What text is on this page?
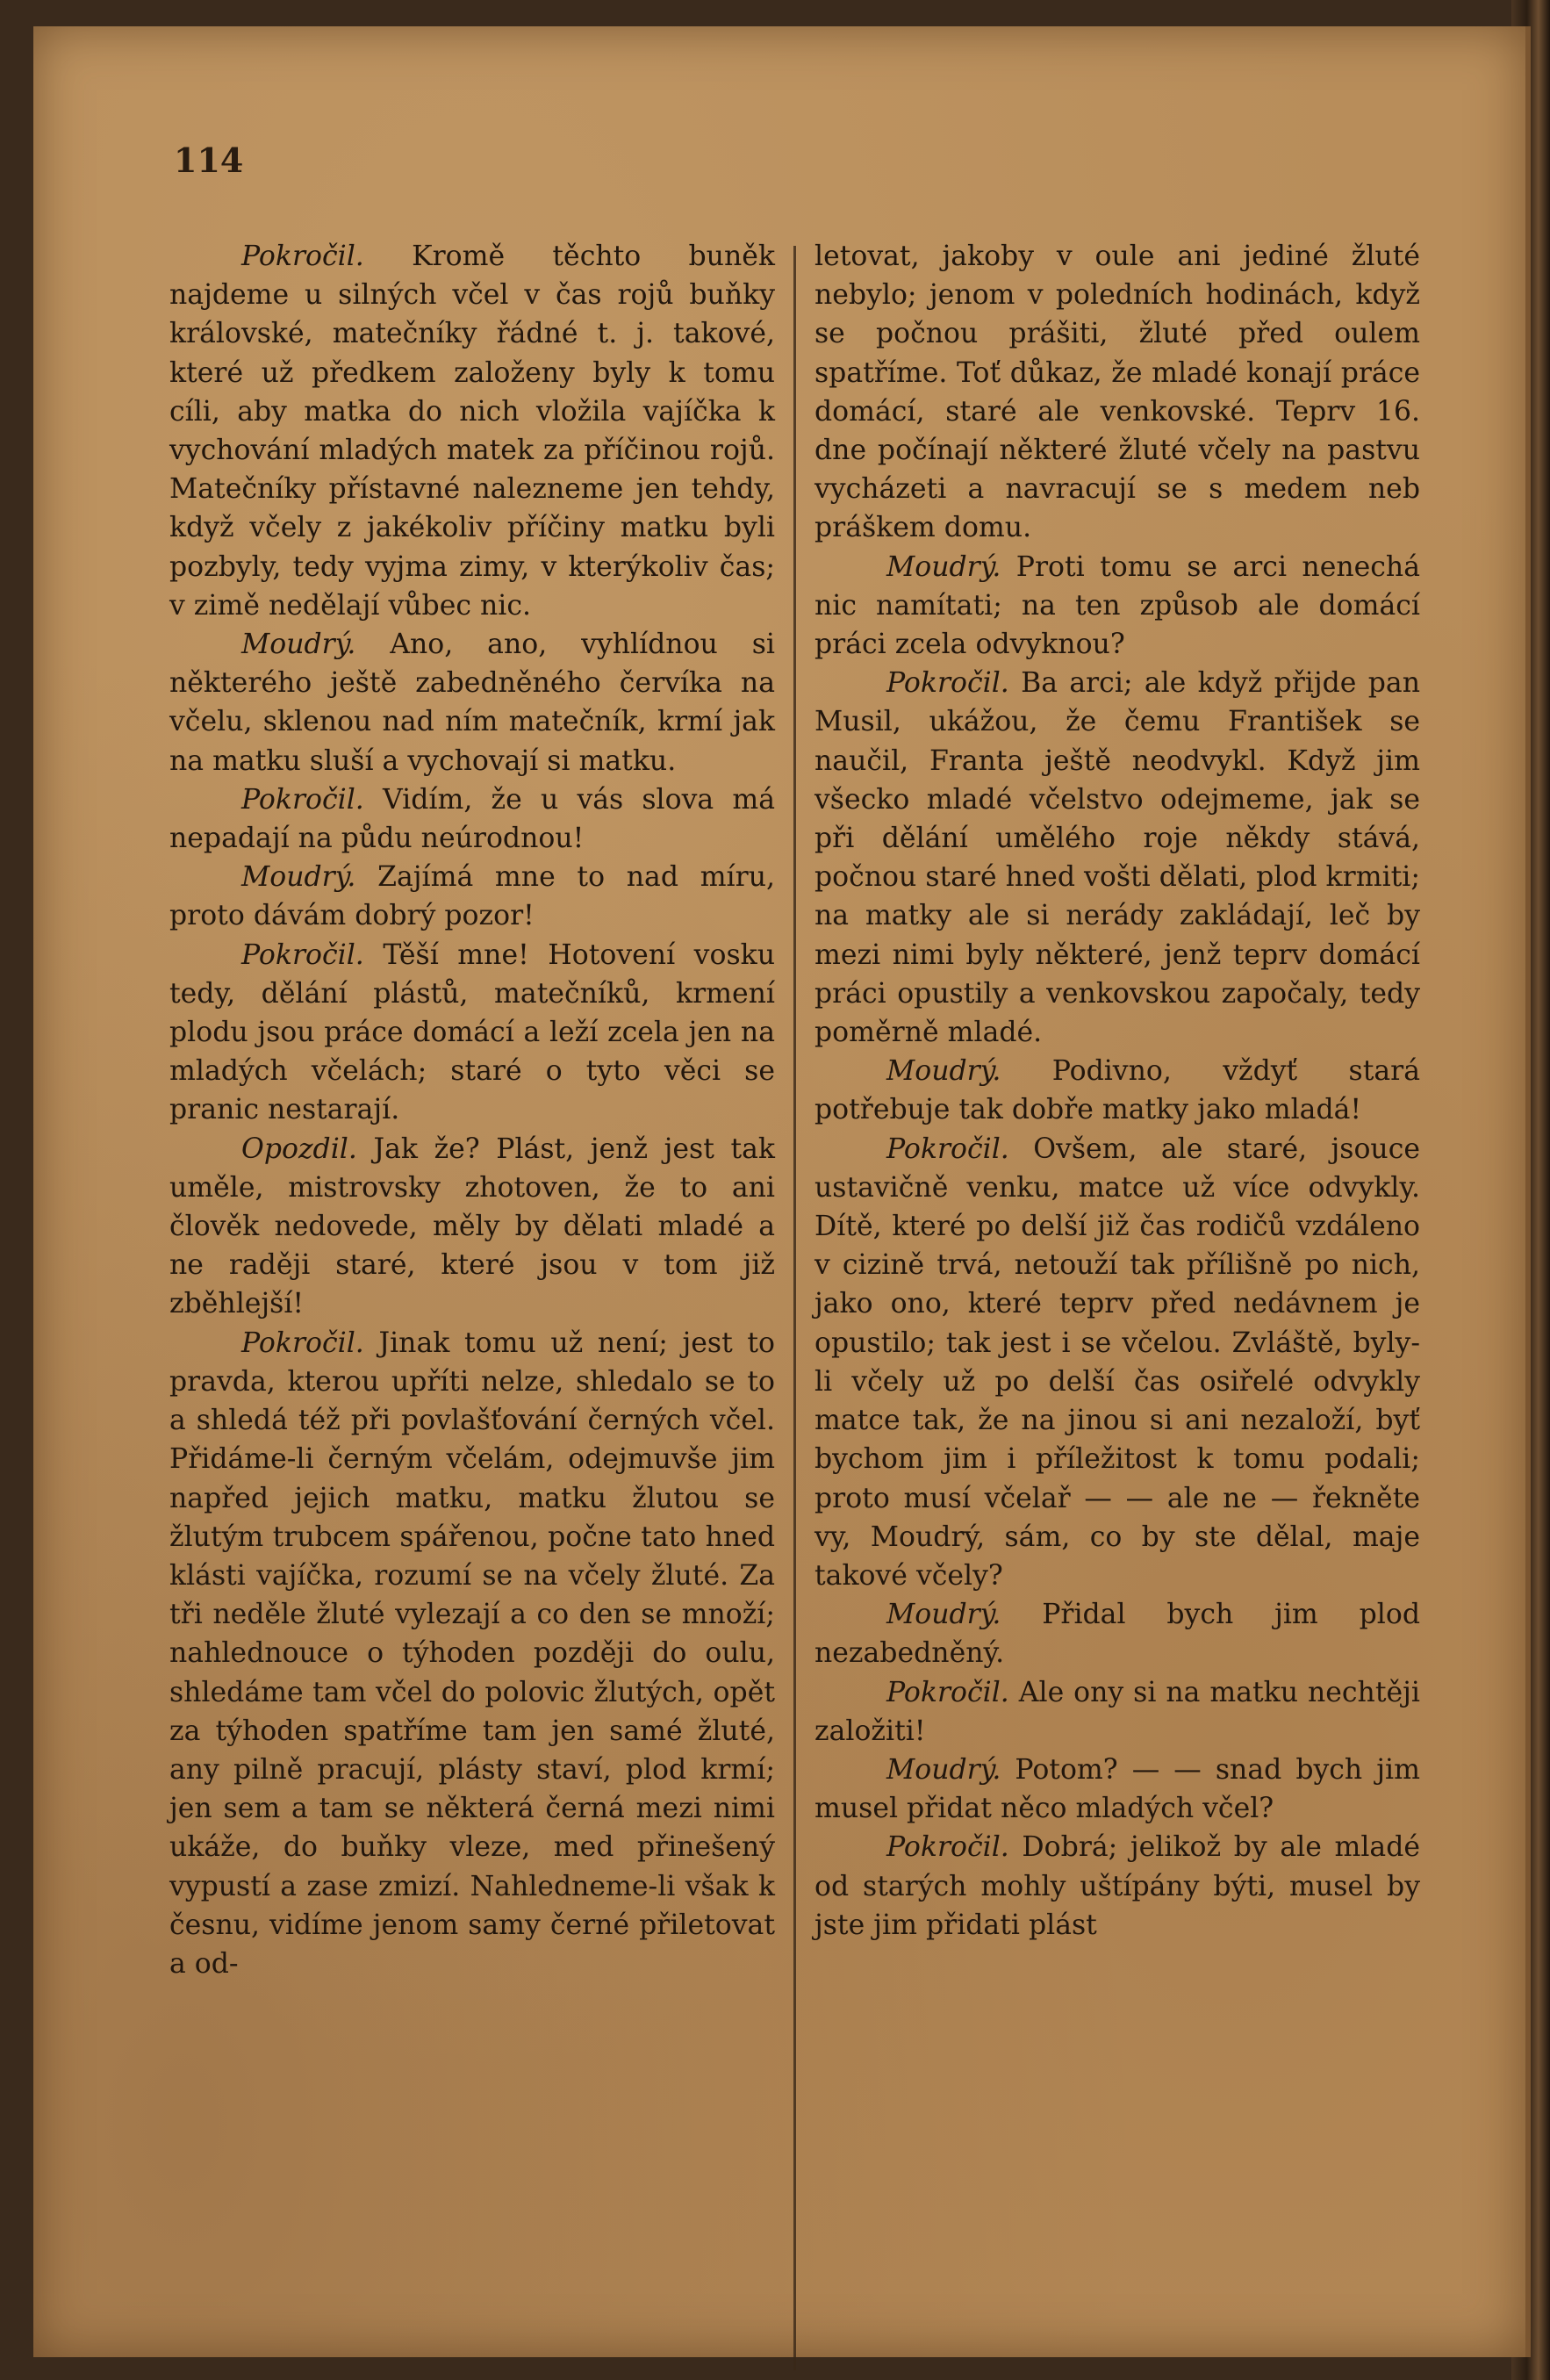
114

Pokročil. Kromě těchto buněk najdeme u silných včel v čas rojů buňky královské, matečníky řádné t. j. takové, které už předkem založeny byly k tomu cíli, aby matka do nich vložila vajíčka k vychování mladých matek za příčinou rojů. Matečníky přístavné nalezneme jen tehdy, když včely z jakékoliv příčiny matku byli pozbyly, tedy vyjma zimy, v kterýkoliv čas; v zimě nedělají vůbec nic.

Moudrý. Ano, ano, vyhlídnou si některého ještě zabedněného červíka na včelu, sklenou nad ním matečník, krmí jak na matku sluší a vychovají si matku.

Pokročil. Vidím, že u vás slova má nepadají na půdu neúrodnou!

Moudrý. Zajímá mne to nad míru, proto dávám dobrý pozor!

Pokročil. Těší mne! Hotovení vosku tedy, dělání plástů, matečníků, krmení plodu jsou práce domácí a leží zcela jen na mladých včelách; staré o tyto věci se pranic nestarají.

Opozdil. Jak že? Plást, jenž jest tak uměle, mistrovsky zhotoven, že to ani člověk nedovede, měly by dělati mladé a ne raději staré, které jsou v tom již zběhlejší!

Pokročil. Jinak tomu už není; jest to pravda, kterou upříti nelze, shledalo se to a shledá též při povlašťování černých včel. Přidáme-li černým včelám, odejmuvše jim napřed jejich matku, matku žlutou se žlutým trubcem spářenou, počne tato hned klásti vajíčka, rozumí se na včely žluté. Za tři neděle žluté vylezají a co den se množí; nahlednouce o týhoden později do oulu, shledáme tam včel do polovic žlutých, opět za týhoden spatříme tam jen samé žluté, any pilně pracují, plásty staví, plod krmí; jen sem a tam se některá černá mezi nimi ukáže, do buňky vleze, med přinešený vypustí a zase zmizí. Nahledneme-li však k česnu, vidíme jenom samy černé přiletovat a od-

letovat, jakoby v oule ani jediné žluté nebylo; jenom v poledních hodinách, když se počnou prášiti, žluté před oulem spatříme. Toť důkaz, že mladé konají práce domácí, staré ale venkovské. Teprv 16. dne počínají některé žluté včely na pastvu vycházeti a navracují se s medem neb práškem domu.

Moudrý. Proti tomu se arci nenechá nic namítati; na ten způsob ale domácí práci zcela odvyknou?

Pokročil. Ba arci; ale když přijde pan Musil, ukážou, že čemu František se naučil, Franta ještě neodvykl. Když jim všecko mladé včelstvo odejmeme, jak se při dělání umělého roje někdy stává, počnou staré hned vošti dělati, plod krmiti; na matky ale si nerády zakládají, leč by mezi nimi byly některé, jenž teprv domácí práci opustily a venkovskou započaly, tedy poměrně mladé.

Moudrý. Podivno, vždyť stará potřebuje tak dobře matky jako mladá!

Pokročil. Ovšem, ale staré, jsouce ustavičně venku, matce už více odvykly. Dítě, které po delší již čas rodičů vzdáleno v cizině trvá, netouží tak přílišně po nich, jako ono, které teprv před nedávnem je opustilo; tak jest i se včelou. Zvláště, byly-li včely už po delší čas osiřelé odvykly matce tak, že na jinou si ani nezaloží, byť bychom jim i příležitost k tomu podali; proto musí včelař — — ale ne — řekněte vy, Moudrý, sám, co by ste dělal, maje takové včely?

Moudrý. Přidal bych jim plod nezabedněný.

Pokročil. Ale ony si na matku nechtěji založiti!

Moudrý. Potom? — — snad bych jim musel přidat něco mladých včel?

Pokročil. Dobrá; jelikož by ale mladé od starých mohly uštípány býti, musel by jste jim přidati plást
